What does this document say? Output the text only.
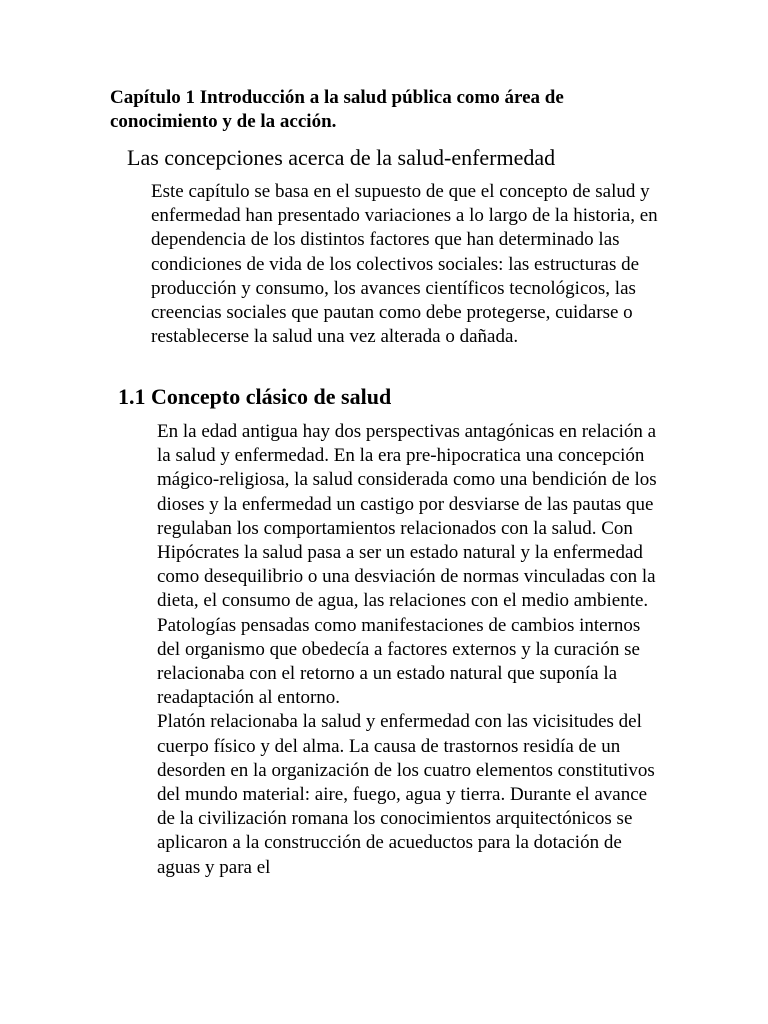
Capítulo 1 Introducción a la salud pública como área de conocimiento y de la acción.
Las concepciones acerca de la salud-enfermedad

Este capítulo se basa en el supuesto de que el concepto de salud y enfermedad han presentado variaciones a lo largo de la historia, en dependencia de los distintos factores que han determinado las condiciones de vida de los colectivos sociales: las estructuras de producción y consumo, los avances científicos tecnológicos, las creencias sociales que pautan como debe protegerse, cuidarse o restablecerse la salud una vez alterada o dañada.

1.1 Concepto clásico de salud

En la edad antigua hay dos perspectivas antagónicas en relación a la salud y enfermedad. En la era pre-hipocratica una concepción mágico-religiosa, la salud considerada como una bendición de los dioses y la enfermedad un castigo por desviarse de las pautas que regulaban los comportamientos relacionados con la salud. Con Hipócrates la salud pasa a ser un estado natural y la enfermedad como desequilibrio o una desviación de normas vinculadas con la dieta, el consumo de agua, las relaciones con el medio ambiente. Patologías pensadas como manifestaciones de cambios internos del organismo que obedecía a factores externos y la curación se relacionaba con el retorno a un estado natural que suponía la readaptación al entorno.

Platón relacionaba la salud y enfermedad con las vicisitudes del cuerpo físico y del alma. La causa de trastornos residía de un desorden en la organización de los cuatro elementos constitutivos del mundo material: aire, fuego, agua y tierra. Durante el avance de la civilización romana los conocimientos arquitectónicos se aplicaron a la construcción de acueductos para la dotación de aguas y para el
